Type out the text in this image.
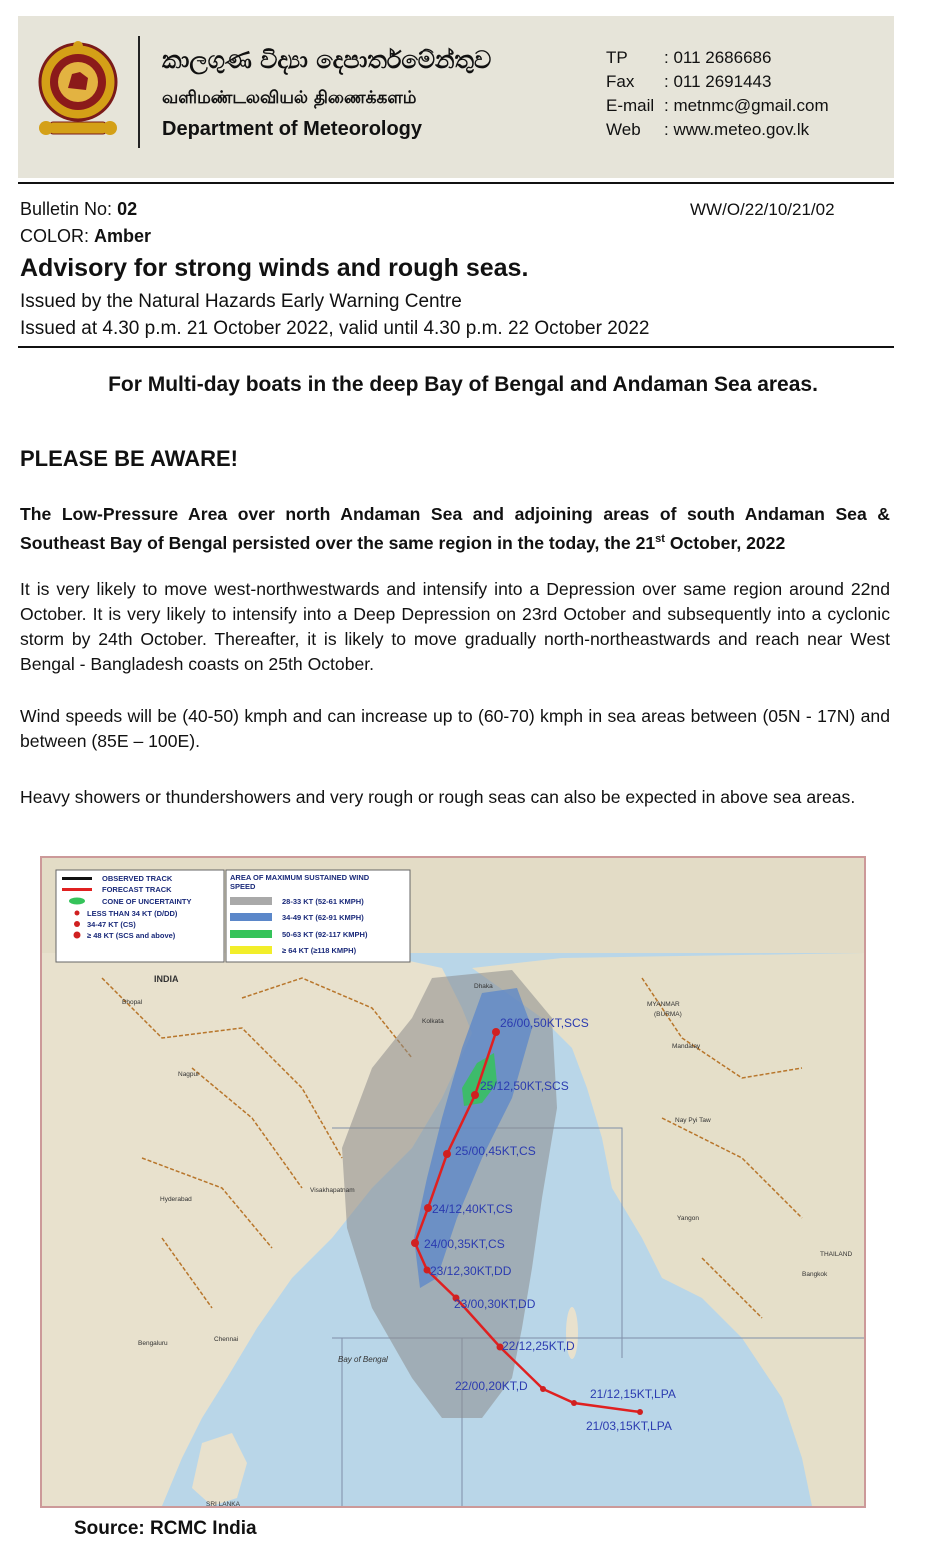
කාලගුණ විද්‍යා දෙපාර්තමේන්තුව
வளிமண்டலவியல் திணைக்களம்
Department of Meteorology
TP : 011 2686686
Fax : 011 2691443
E-mail : metnmc@gmail.com
Web : www.meteo.gov.lk
Bulletin No: 02
COLOR: Amber
WW/O/22/10/21/02
Advisory for strong winds and rough seas.
Issued by the Natural Hazards Early Warning Centre
Issued at 4.30 p.m. 21 October 2022, valid until 4.30 p.m. 22 October 2022
For Multi-day boats in the deep Bay of Bengal and Andaman Sea areas.
PLEASE BE AWARE!
The Low-Pressure Area over north Andaman Sea and adjoining areas of south Andaman Sea & Southeast Bay of Bengal persisted over the same region in the today, the 21st October, 2022
It is very likely to move west-northwestwards and intensify into a Depression over same region around 22nd October. It is very likely to intensify into a Deep Depression on 23rd October and subsequently into a cyclonic storm by 24th October. Thereafter, it is likely to move gradually north-northeastwards and reach near West Bengal - Bangladesh coasts on 25th October.
Wind speeds will be (40-50) kmph and can increase up to (60-70) kmph in sea areas between (05N - 17N) and between (85E – 100E).
Heavy showers or thundershowers and very rough or rough seas can also be expected in above sea areas.
OBSERVED TRACK
FORECAST TRACK
CONE OF UNCERTAINTY
LESS THAN 34 KT (D/DD)
34-47 KT (CS)
≥ 48 KT (SCS and above)
AREA OF MAXIMUM SUSTAINED WIND
SPEED
28-33 KT (52-61 KMPH)
34-49 KT (62-91 KMPH)
50-63 KT (92-117 KMPH)
≥ 64 KT (≥118 KMPH)
INDIA
Bhopal
Nagpur
Hyderabad
Bengaluru
Chennai
Visakhapatnam
Dhaka
Kolkata
MYANMAR
(BURMA)
Mandalay
Nay Pyi Taw
Yangon
Bangkok
THAILAND
SRI LANKA
Bay of Bengal
26/00,50KT,SCS
25/12,50KT,SCS
25/00,45KT,CS
24/12,40KT,CS
24/00,35KT,CS
23/12,30KT,DD
23/00,30KT,DD
22/12,25KT,D
22/00,20KT,D
21/12,15KT,LPA
21/03,15KT,LPA
Source: RCMC India
